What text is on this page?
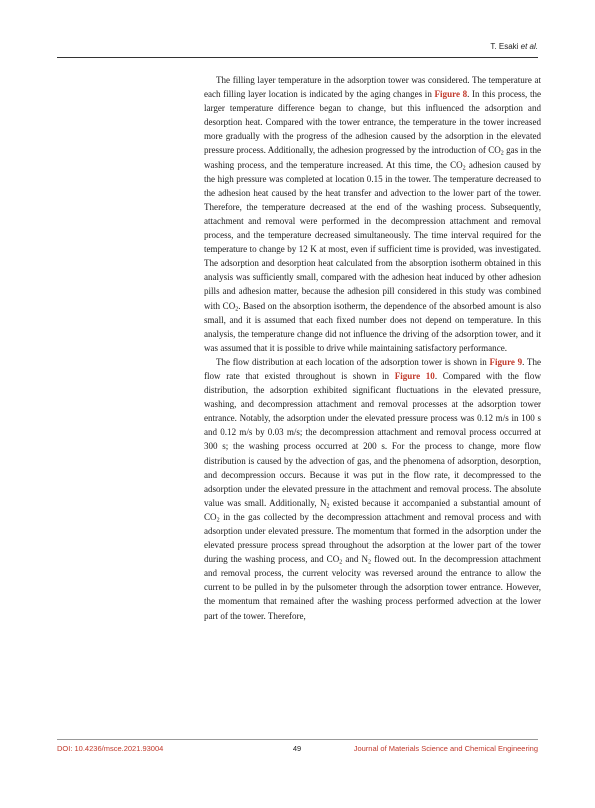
T. Esaki et al.

The filling layer temperature in the adsorption tower was considered. The temperature at each filling layer location is indicated by the aging changes in Figure 8. In this process, the larger temperature difference began to change, but this influenced the adsorption and desorption heat. Compared with the tower entrance, the temperature in the tower increased more gradually with the progress of the adhesion caused by the adsorption in the elevated pressure process. Additionally, the adhesion progressed by the introduction of $CO_2$ gas in the washing process, and the temperature increased. At this time, the $CO_2$ adhesion caused by the high pressure was completed at location 0.15 in the tower. The temperature decreased to the adhesion heat caused by the heat transfer and advection to the lower part of the tower. Therefore, the temperature decreased at the end of the washing process. Subsequently, attachment and removal were performed in the decompression attachment and removal process, and the temperature decreased simultaneously. The time interval required for the temperature to change by 12 K at most, even if sufficient time is provided, was investigated. The adsorption and desorption heat calculated from the absorption isotherm obtained in this analysis was sufficiently small, compared with the adhesion heat induced by other adhesion pills and adhesion matter, because the adhesion pill considered in this study was combined with $CO_2$. Based on the absorption isotherm, the dependence of the absorbed amount is also small, and it is assumed that each fixed number does not depend on temperature. In this analysis, the temperature change did not influence the driving of the adsorption tower, and it was assumed that it is possible to drive while maintaining satisfactory performance.

The flow distribution at each location of the adsorption tower is shown in Figure 9. The flow rate that existed throughout is shown in Figure 10. Compared with the flow distribution, the adsorption exhibited significant fluctuations in the elevated pressure, washing, and decompression attachment and removal processes at the adsorption tower entrance. Notably, the adsorption under the elevated pressure process was 0.12 m/s in 100 s and 0.12 m/s by 0.03 m/s; the decompression attachment and removal process occurred at 300 s; the washing process occurred at 200 s. For the process to change, more flow distribution is caused by the advection of gas, and the phenomena of adsorption, desorption, and decompression occurs. Because it was put in the flow rate, it decompressed to the adsorption under the elevated pressure in the attachment and removal process. The absolute value was small. Additionally, $N_2$ existed because it accompanied a substantial amount of $CO_2$ in the gas collected by the decompression attachment and removal process and with adsorption under elevated pressure. The momentum that formed in the adsorption under the elevated pressure process spread throughout the adsorption at the lower part of the tower during the washing process, and $CO_2$ and $N_2$ flowed out. In the decompression attachment and removal process, the current velocity was reversed around the entrance to allow the current to be pulled in by the pulsometer through the adsorption tower entrance. However, the momentum that remained after the washing process performed advection at the lower part of the tower. Therefore,

DOI: 10.4236/msce.2021.93004	49	Journal of Materials Science and Chemical Engineering
